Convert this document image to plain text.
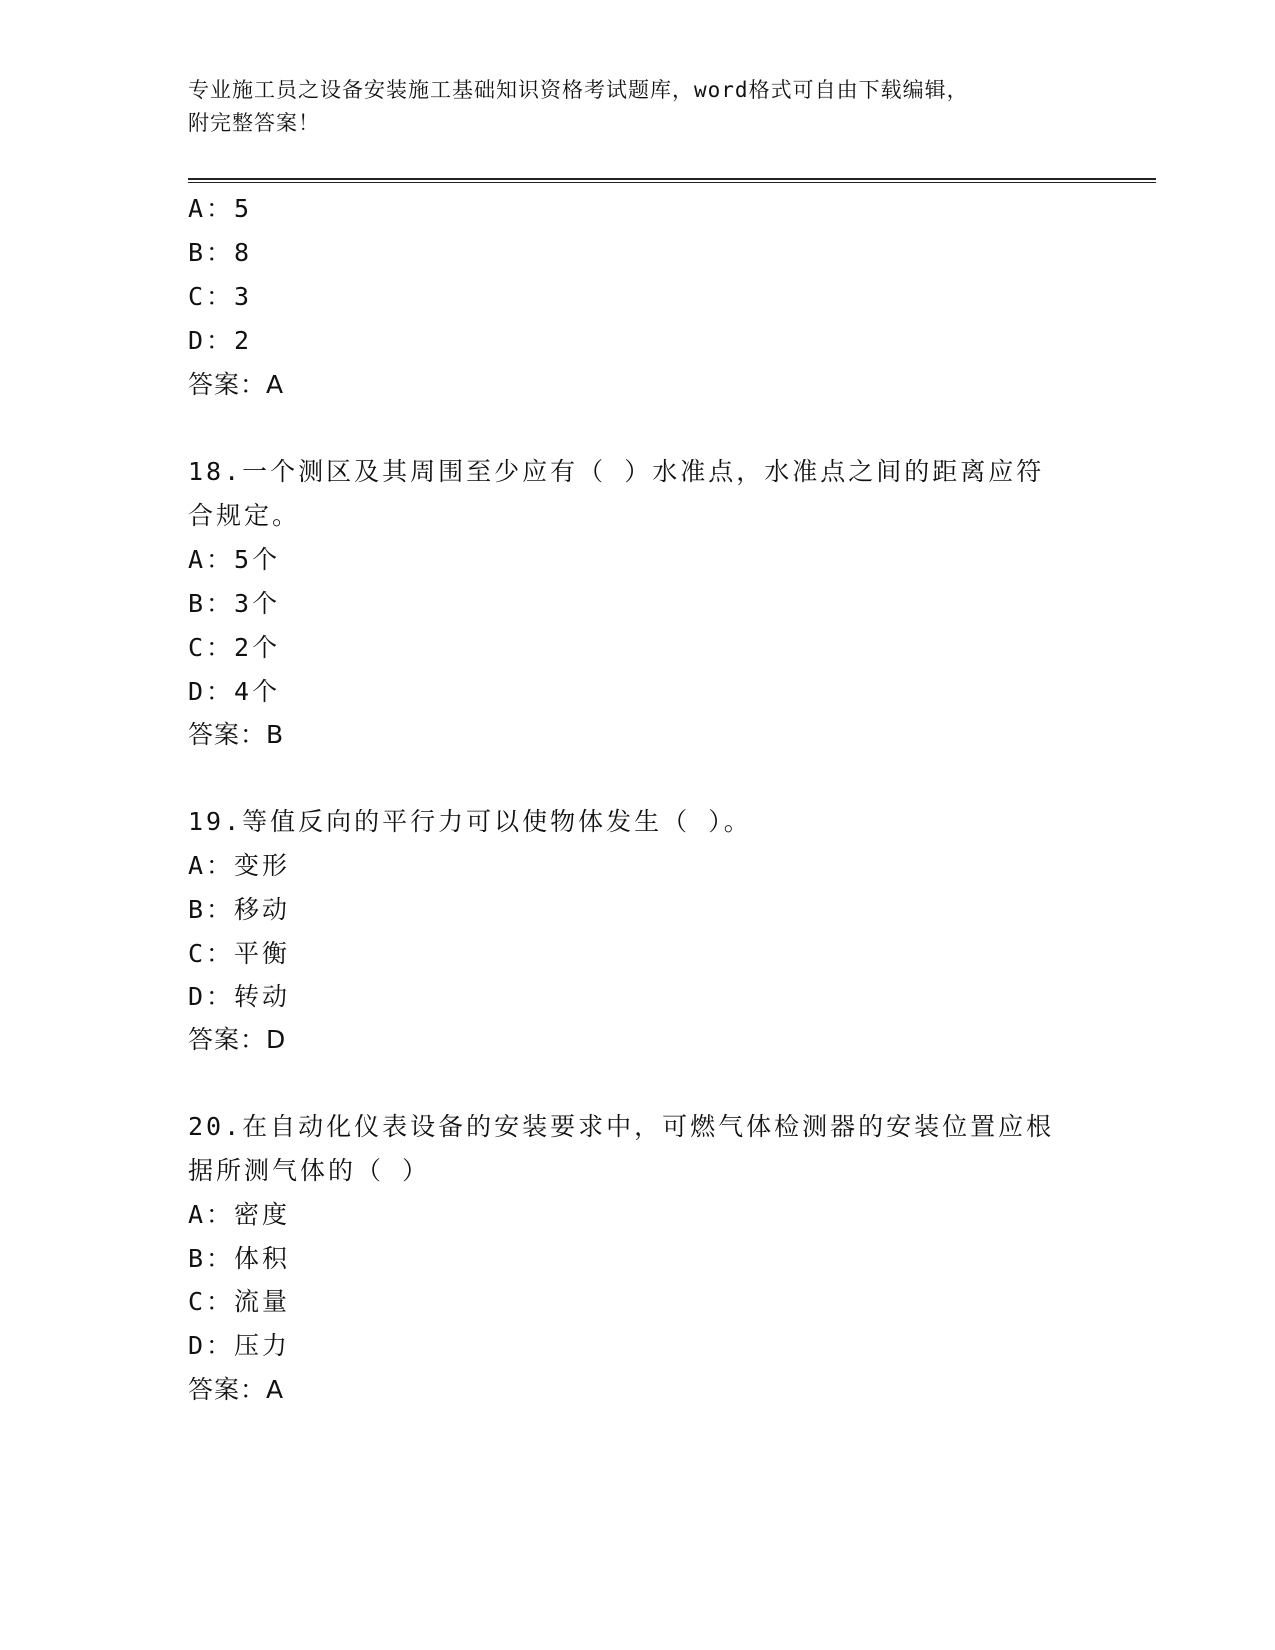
专业施工员之设备安装施工基础知识资格考试题库，word格式可自由下载编辑，
附完整答案！
A：5
B：8
C：3
D：2
答案：A
18.一个测区及其周围至少应有（ ）水准点，水准点之间的距离应符
合规定。
A：5个
B：3个
C：2个
D：4个
答案：B
19.等值反向的平行力可以使物体发生（ ）。
A：变形
B：移动
C：平衡
D：转动
答案：D
20.在自动化仪表设备的安装要求中，可燃气体检测器的安装位置应根
据所测气体的（ ）
A：密度
B：体积
C：流量
D：压力
答案：A
